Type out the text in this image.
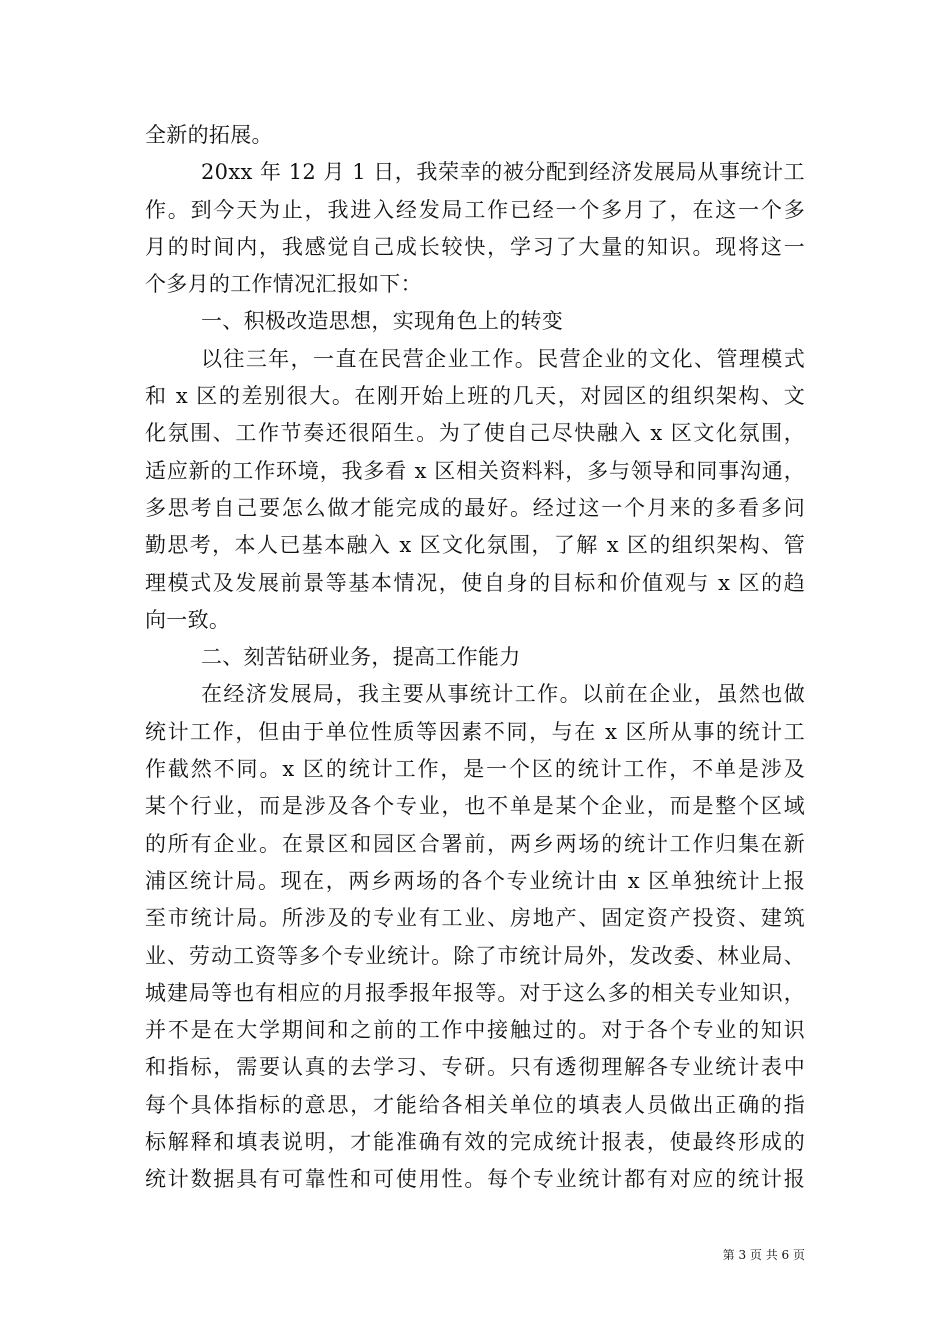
全新的拓展。
20xx 年 12 月 1 日，我荣幸的被分配到经济发展局从事统计工
作。到今天为止，我进入经发局工作已经一个多月了，在这一个多
月的时间内，我感觉自己成长较快，学习了大量的知识。现将这一
个多月的工作情况汇报如下：
一、积极改造思想，实现角色上的转变
以往三年，一直在民营企业工作。民营企业的文化、管理模式
和 x 区的差别很大。在刚开始上班的几天，对园区的组织架构、文
化氛围、工作节奏还很陌生。为了使自己尽快融入 x 区文化氛围，
适应新的工作环境，我多看 x 区相关资料料，多与领导和同事沟通，
多思考自己要怎么做才能完成的最好。经过这一个月来的多看多问
勤思考，本人已基本融入 x 区文化氛围，了解 x 区的组织架构、管
理模式及发展前景等基本情况，使自身的目标和价值观与 x 区的趋
向一致。
二、刻苦钻研业务，提高工作能力
在经济发展局，我主要从事统计工作。以前在企业，虽然也做
统计工作，但由于单位性质等因素不同，与在 x 区所从事的统计工
作截然不同。x 区的统计工作，是一个区的统计工作，不单是涉及
某个行业，而是涉及各个专业，也不单是某个企业，而是整个区域
的所有企业。在景区和园区合署前，两乡两场的统计工作归集在新
浦区统计局。现在，两乡两场的各个专业统计由 x 区单独统计上报
至市统计局。所涉及的专业有工业、房地产、固定资产投资、建筑
业、劳动工资等多个专业统计。除了市统计局外，发改委、林业局、
城建局等也有相应的月报季报年报等。对于这么多的相关专业知识，
并不是在大学期间和之前的工作中接触过的。对于各个专业的知识
和指标，需要认真的去学习、专研。只有透彻理解各专业统计表中
每个具体指标的意思，才能给各相关单位的填表人员做出正确的指
标解释和填表说明，才能准确有效的完成统计报表，使最终形成的
统计数据具有可靠性和可使用性。每个专业统计都有对应的统计报
第 3 页 共 6 页
